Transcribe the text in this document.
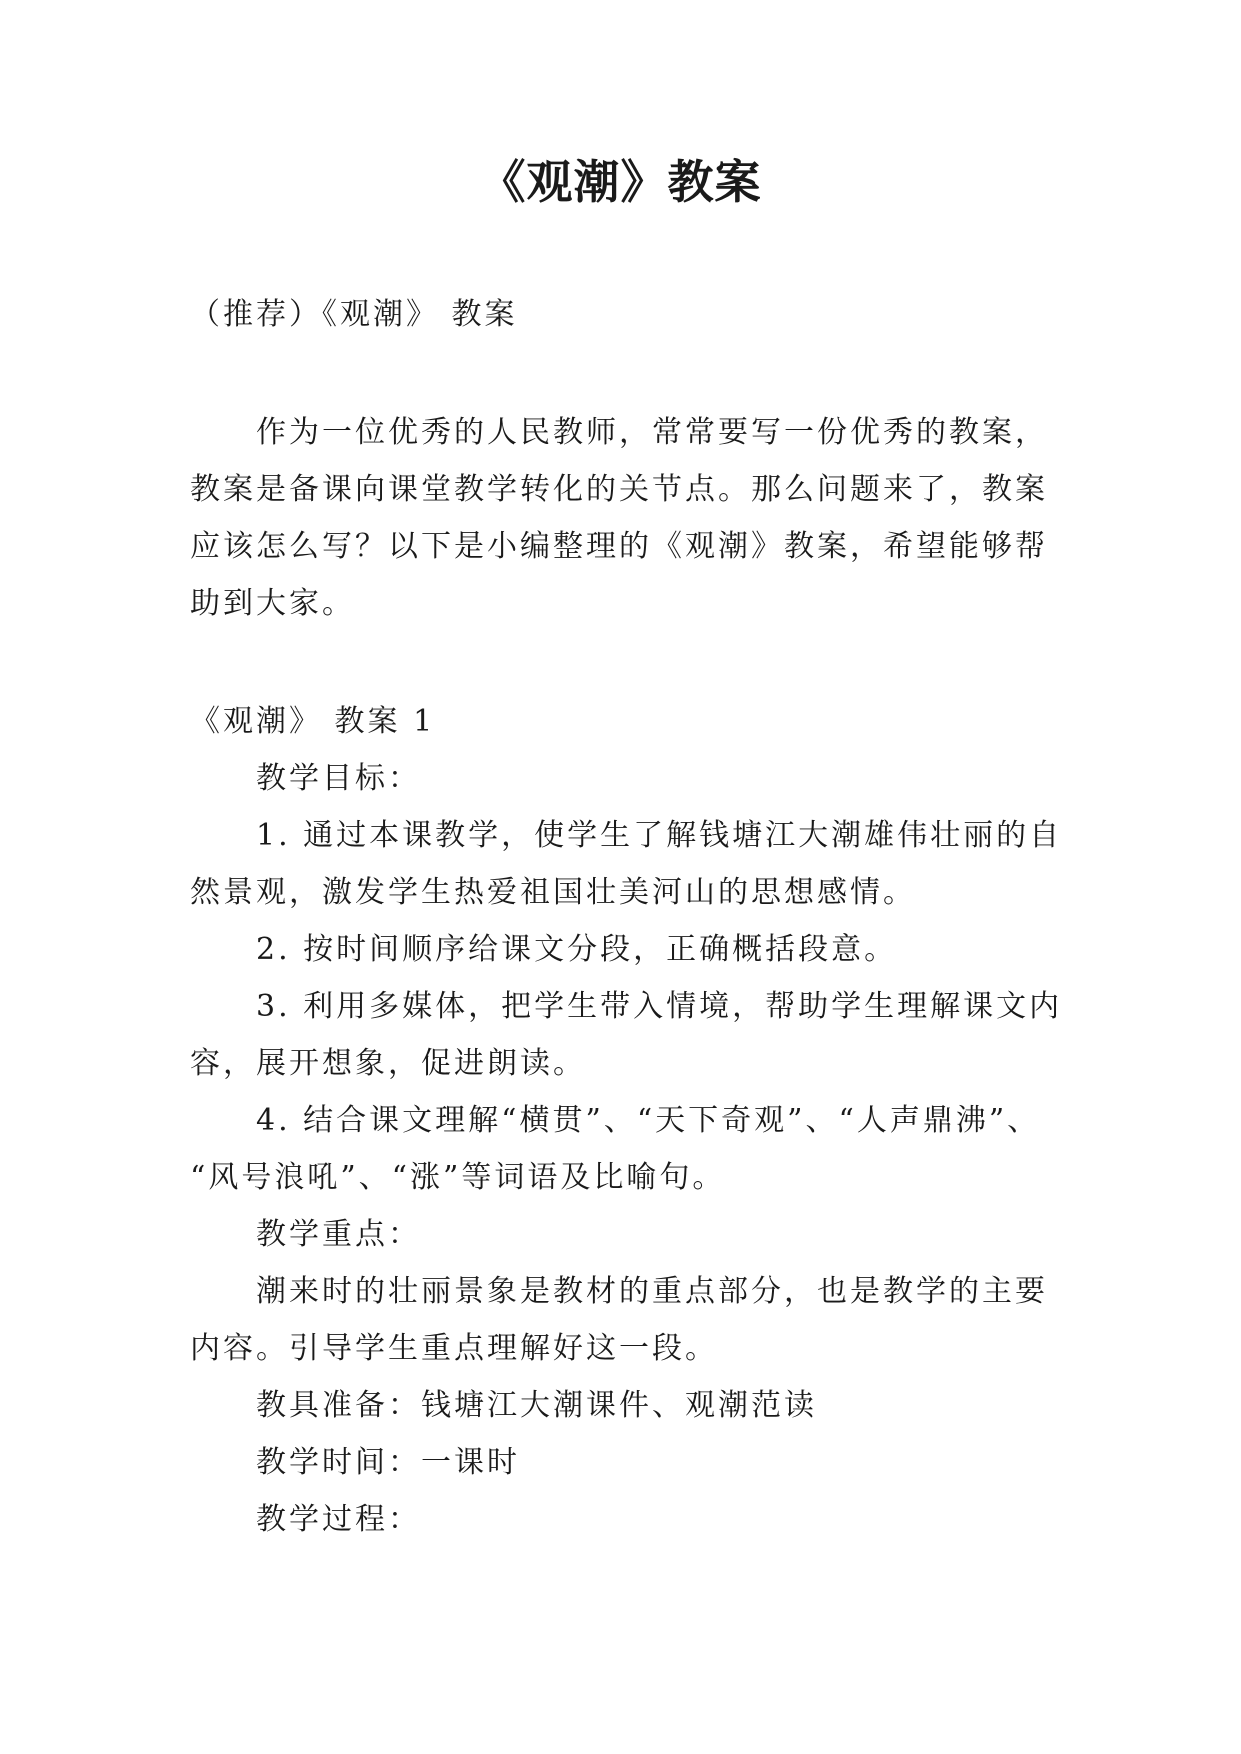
《观潮》教案
（推荐）《观潮》 教案
作为一位优秀的人民教师，常常要写一份优秀的教案，
教案是备课向课堂教学转化的关节点。那么问题来了，教案
应该怎么写？以下是小编整理的《观潮》教案，希望能够帮
助到大家。
《观潮》 教案 1
教学目标：
1. 通过本课教学，使学生了解钱塘江大潮雄伟壮丽的自
然景观，激发学生热爱祖国壮美河山的思想感情。
2. 按时间顺序给课文分段，正确概括段意。
3. 利用多媒体，把学生带入情境，帮助学生理解课文内
容，展开想象，促进朗读。
4. 结合课文理解“横贯”、“天下奇观”、“人声鼎沸”、
“风号浪吼”、“涨”等词语及比喻句。
教学重点：
潮来时的壮丽景象是教材的重点部分，也是教学的主要
内容。引导学生重点理解好这一段。
教具准备：钱塘江大潮课件、观潮范读
教学时间：一课时
教学过程：
